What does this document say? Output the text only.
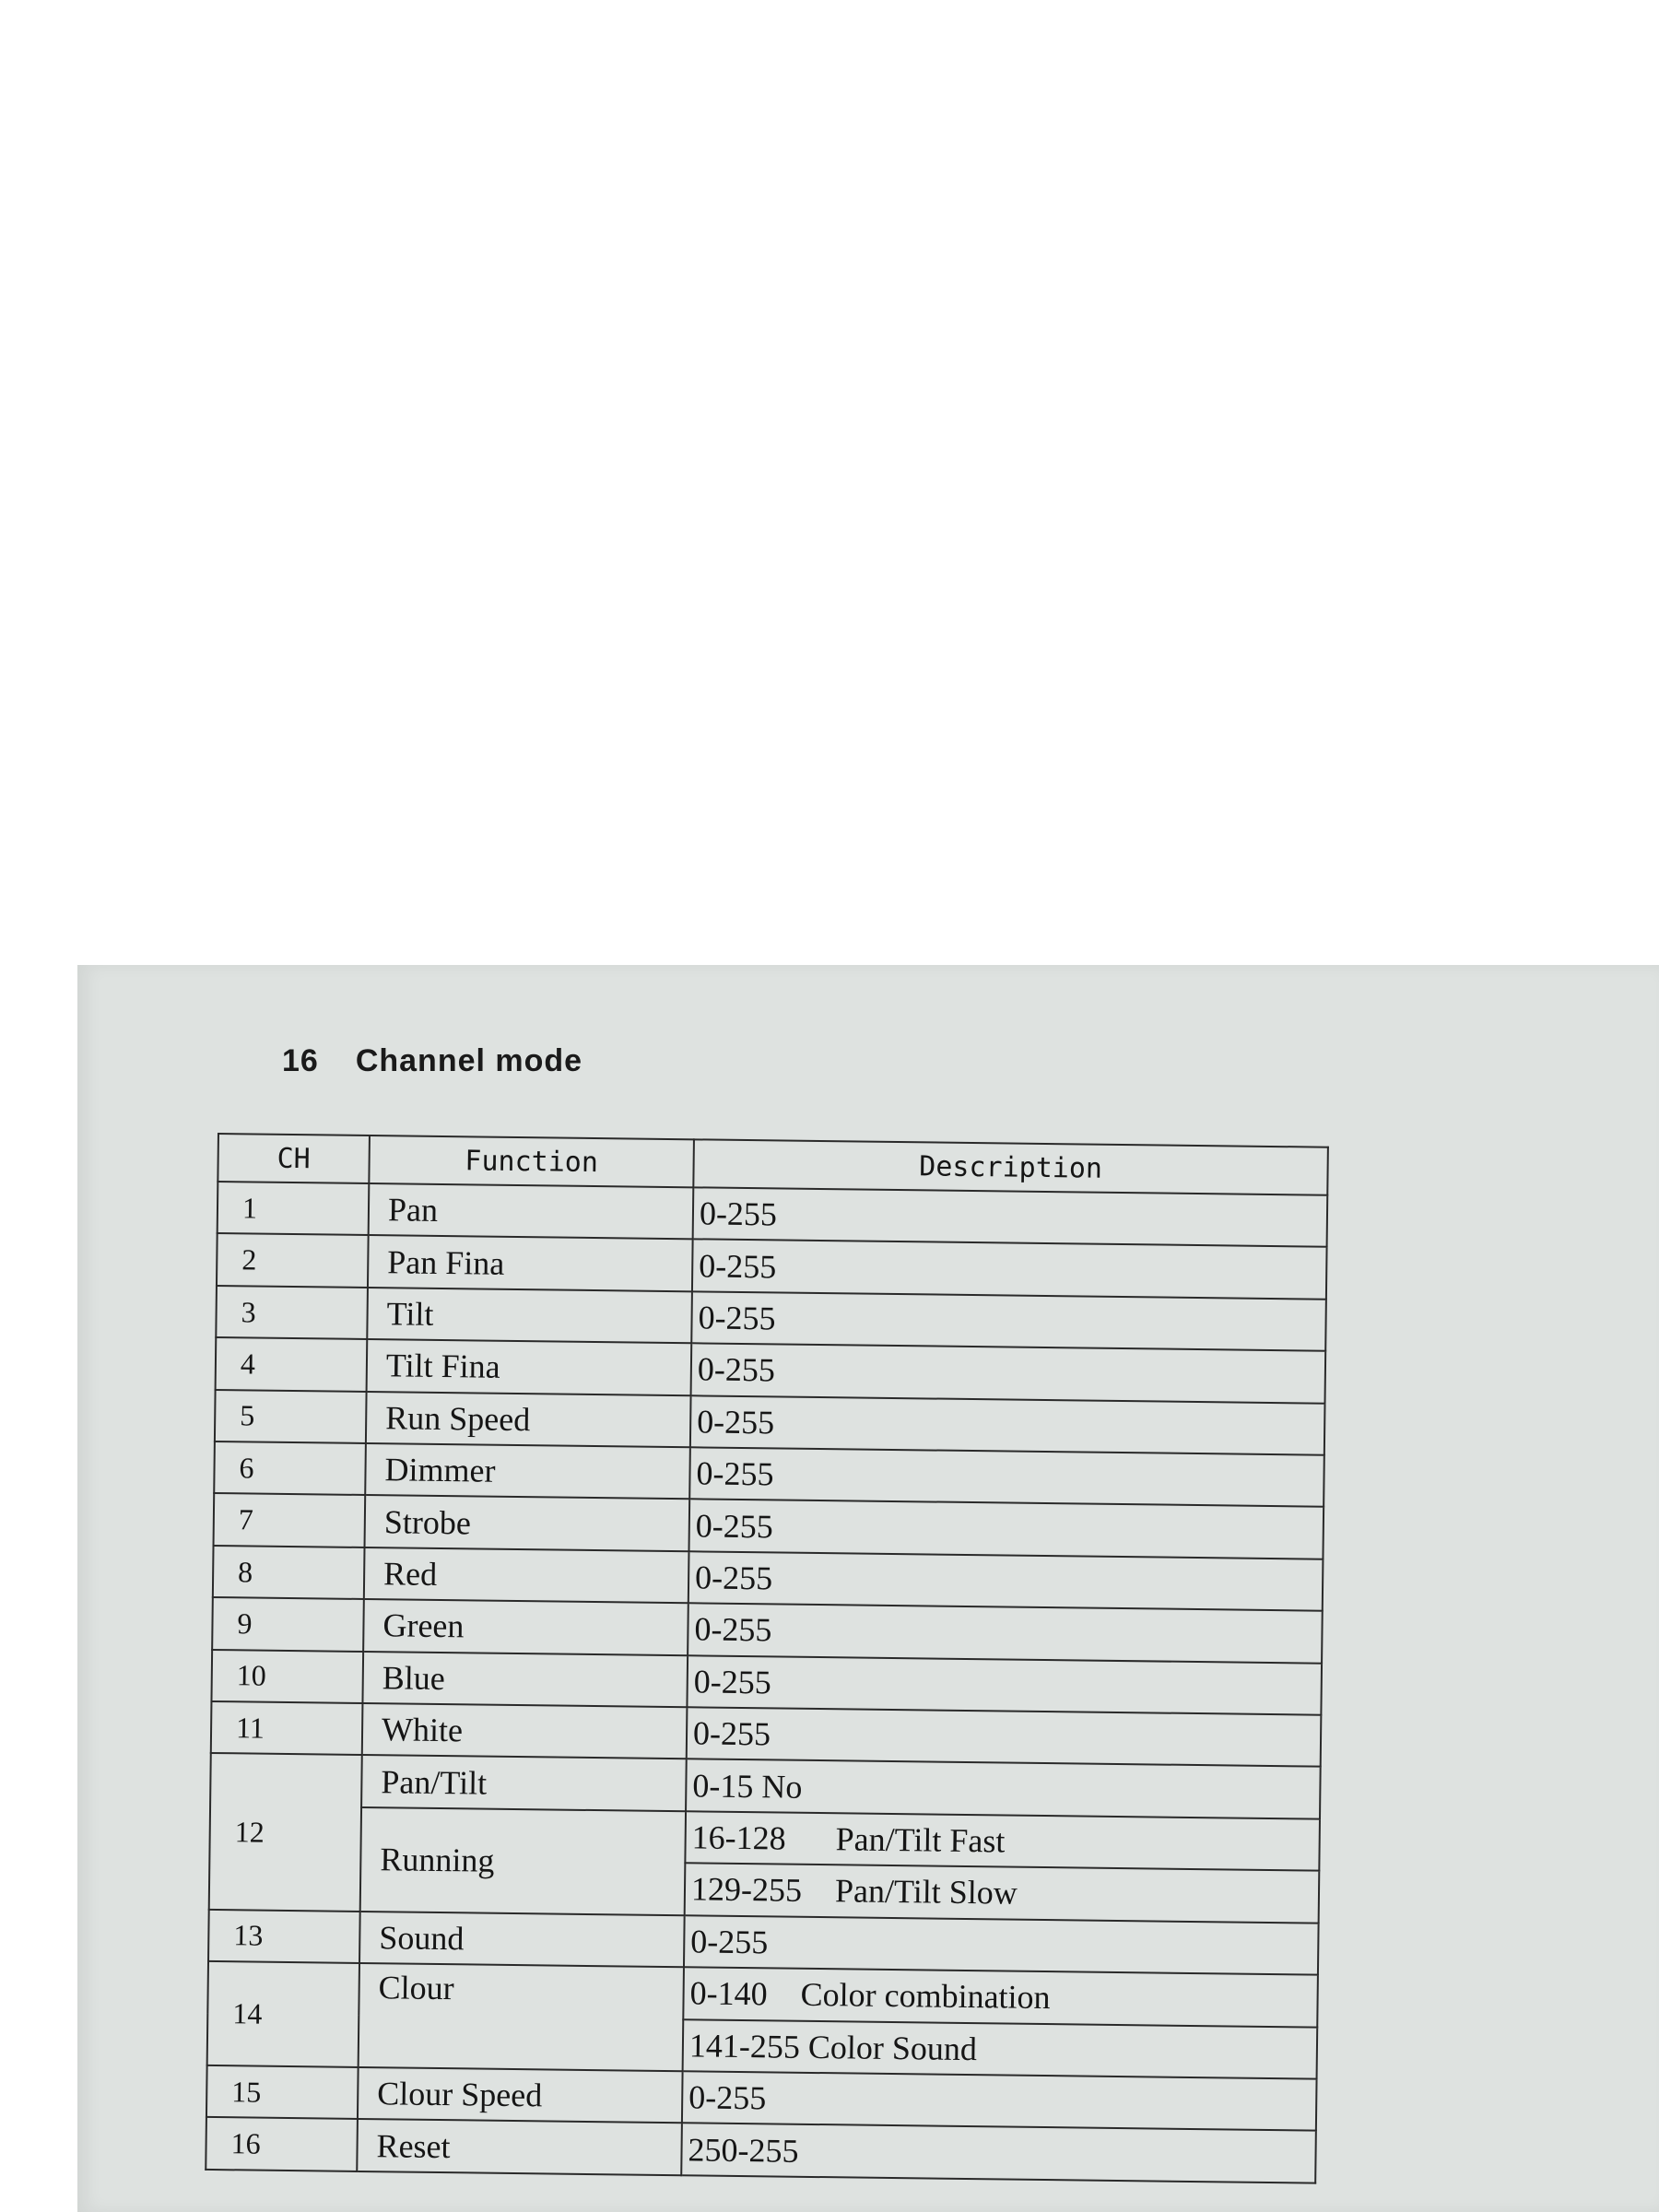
16 Channel mode
CH	Function	Description
1	Pan	0-255
2	Pan Fina	0-255
3	Tilt	0-255
4	Tilt Fina	0-255
5	Run Speed	0-255
6	Dimmer	0-255
7	Strobe	0-255
8	Red	0-255
9	Green	0-255
10	Blue	0-255
11	White	0-255
12	Pan/Tilt	0-15 No
	Running	16-128      Pan/Tilt Fast
		129-255    Pan/Tilt Slow
13	Sound	0-255
14	Clour	0-140    Color combination
		141-255 Color Sound
15	Clour Speed	0-255
16	Reset	250-255
